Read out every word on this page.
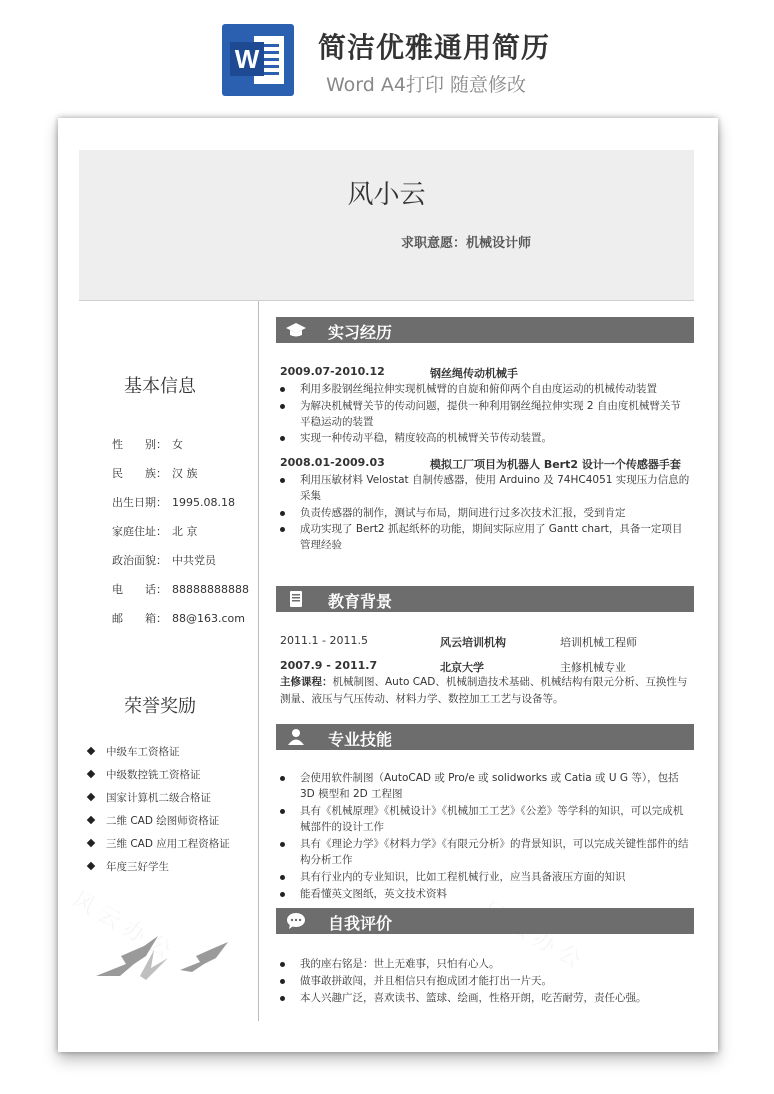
W 简洁优雅通用简历
Word A4打印 随意修改
风小云
求职意愿：机械设计师
基本信息
性　　别： 女
民　　族： 汉 族
出生日期： 1995.08.18
家庭住址： 北 京
政治面貌： 中共党员
电　　话： 88888888888
邮　　箱： 88@163.com
荣誉奖励
中级车工资格证
中级数控铣工资格证
国家计算机二级合格证
二维 CAD 绘图师资格证
三维 CAD 应用工程资格证
年度三好学生
实习经历
2009.07-2010.12	钢丝绳传动机械手
利用多股钢丝绳拉伸实现机械臂的自旋和俯仰两个自由度运动的机械传动装置
为解决机械臂关节的传动问题，提供一种利用钢丝绳拉伸实现 2 自由度机械臂关节平稳运动的装置
实现一种传动平稳，精度较高的机械臂关节传动装置。
2008.01-2009.03	模拟工厂项目为机器人 Bert2 设计一个传感器手套
利用压敏材料 Velostat 自制传感器，使用 Arduino 及 74HC4051 实现压力信息的采集
负责传感器的制作，测试与布局，期间进行过多次技术汇报，受到肯定
成功实现了 Bert2 抓起纸杯的功能，期间实际应用了 Gantt chart，具备一定项目管理经验
教育背景
2011.1 - 2011.5	风云培训机构	培训机械工程师
2007.9 - 2011.7	北京大学	主修机械专业
主修课程：机械制图、Auto CAD、机械制造技术基础、机械结构有限元分析、互换性与测量、液压与气压传动、材料力学、数控加工工艺与设备等。
专业技能
会使用软件制图（AutoCAD 或 Pro/e 或 solidworks 或 Catia 或 U G 等），包括 3D 模型和 2D 工程图
具有《机械原理》《机械设计》《机械加工工艺》《公差》等学科的知识，可以完成机械部件的设计工作
具有《理论力学》《材料力学》《有限元分析》的背景知识，可以完成关键性部件的结构分析工作
具有行业内的专业知识，比如工程机械行业，应当具备液压方面的知识
能看懂英文图纸，英文技术资料
自我评价
我的座右铭是：世上无难事，只怕有心人。
做事敢拼敢闯，并且相信只有抱成团才能打出一片天。
本人兴趣广泛，喜欢读书、篮球、绘画，性格开朗，吃苦耐劳，责任心强。
